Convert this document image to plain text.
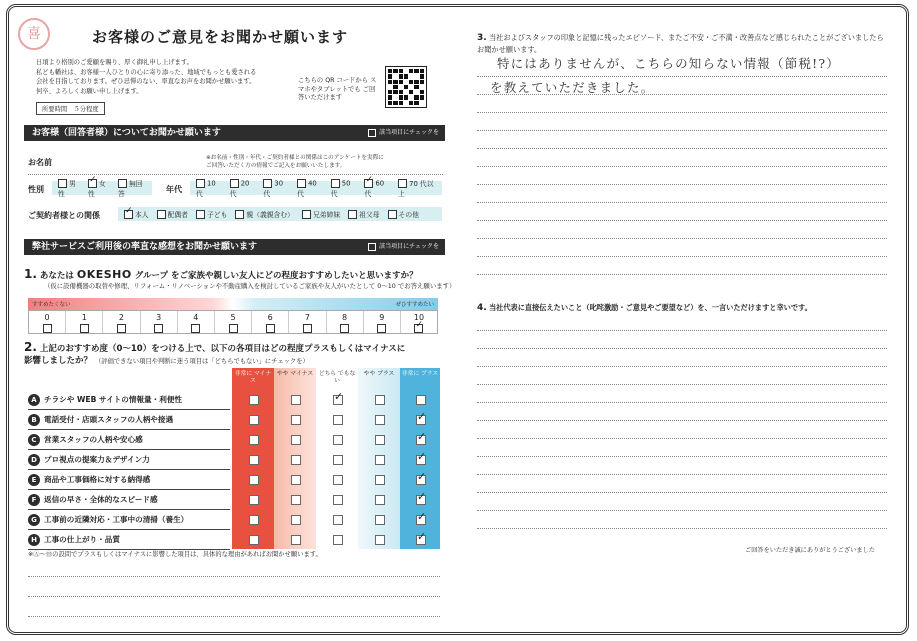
喜	お客様のご意見をお聞かせ願います
日頃より格別のご愛顧を賜り、厚く御礼申し上げます。
私ども幡社は、お客様一人ひとりの心に寄り添った、地域でもっとも愛される
会社を目指しております。ぜひ忌憚のない、率直なお声をお聞かせ願います。
何卒、よろしくお願い申し上げます。
所要時間　５分程度
こちらの QR コードから スマホやタブレットでも ご回答いただけます
お客様（回答者様）についてお聞かせ願います	該当項目にチェックを
お名前	※お名前・性別・年代・ご契約者様との関係はこのアンケートを実際に
ご回答いただく方の情報でご記入をお願いいたします。
性別
男性
✓女性
無回答
年代
10 代
20 代
30 代
40 代
50 代
✓60 代
70 代以上
ご契約者様との関係
✓	本人	配偶者	子ども	親（義親含む）	兄弟姉妹	祖父母	その他
弊社サービスご利用後の率直な感想をお聞かせ願います	該当項目にチェックを
1. あなたは OKESHO グループ をご家族や親しい友人にどの程度おすすめしたいと思いますか？
（仮に設備機器の取替や修理、リフォーム・リノベーションや不動産購入を検討しているご家族や友人がいたとして 0〜10 でお答え願います）
すすめたくない	ぜひすすめたい
0	1	2	3	4	5	6	7	8	9	10
✓
2. 上記のおすすめ度（0〜10）をつける上で、以下の各項目はどの程度プラスもしくはマイナスに
影響しましたか？ （評価できない項目や判断に迷う項目は「どちらでもない」にチェックを）
非常に マイナス
やや マイナス どちら でもない
やや プラス	非常に プラス
A チラシや WEB サイトの情報量・利便性
✓
B 電話受付・店頭スタッフの人柄や接遇
✓
C 営業スタッフの人柄や安心感
✓
D プロ視点の提案力＆デザイン力
✓
E	商品や工事価格に対する納得感
✓
F	返信の早さ・全体的なスピード感
✓
G 工事前の近隣対応・工事中の清掃（養生）
✓
H 工事の仕上がり・品質
✓
※Ⓐ〜Ⓗの設問でプラスもしくはマイナスに影響した項目は、具体的な理由があればお聞かせ願います。
3. 当社およびスタッフの印象と記憶に残ったエピソード、またご不安・ご不満・改善点など感じられたことがございましたらお聞かせ願います。
特にはありませんが、こちらの知らない情報（節税!?）
を教えていただきました。
4. 当社代表に直接伝えたいこと（叱咤激励・ご意見やご要望など）を、一言いただけますと幸いです。
ご回答をいただき誠にありがとうございました
